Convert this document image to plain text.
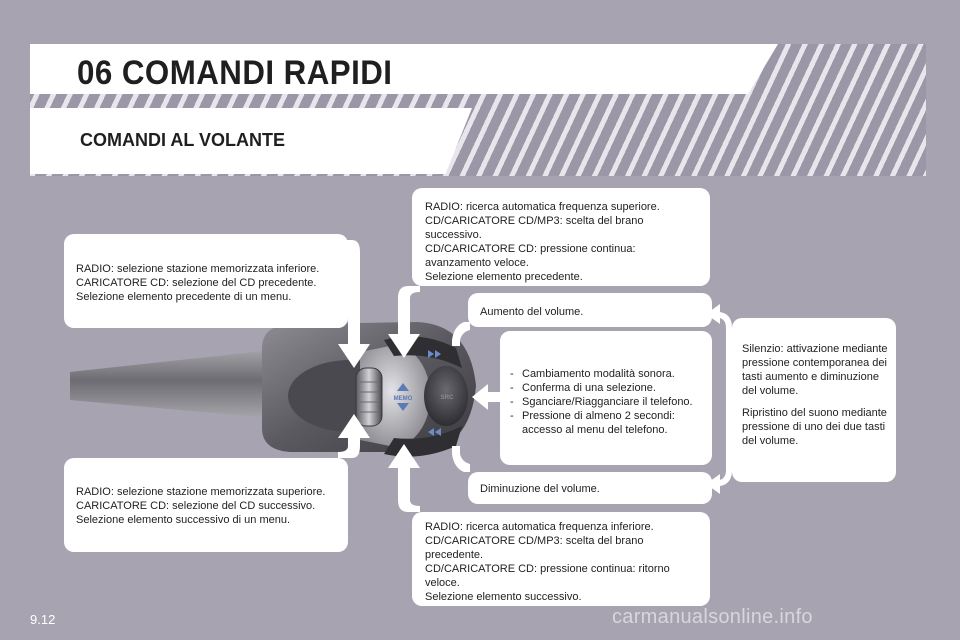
06 COMANDI RAPIDI
COMANDI AL VOLANTE
MEMO	SRC

RADIO: selezione stazione memorizzata inferiore.

CARICATORE CD: selezione del CD precedente.

Selezione elemento precedente di un menu.

RADIO: selezione stazione memorizzata superiore.

CARICATORE CD: selezione del CD successivo.

Selezione elemento successivo di un menu.

RADIO: ricerca automatica frequenza superiore.

CD/CARICATORE CD/MP3: scelta del brano

successivo.

CD/CARICATORE CD: pressione continua:

avanzamento veloce.

Selezione elemento precedente.

RADIO: ricerca automatica frequenza inferiore.

CD/CARICATORE CD/MP3: scelta del brano

precedente.

CD/CARICATORE CD: pressione continua: ritorno

veloce.

Selezione elemento successivo.

Aumento del volume.

Diminuzione del volume.

- Cambiamento modalità sonora.
- Conferma di una selezione.
- Sganciare/Riagganciare il telefono.
- Pressione di almeno 2 secondi: accesso al menu del telefono.

Silenzio: attivazione mediante pressione contemporanea dei tasti aumento e diminuzione del volume.

Ripristino del suono mediante pressione di uno dei due tasti del volume.

9.12	carmanualsonline.info
